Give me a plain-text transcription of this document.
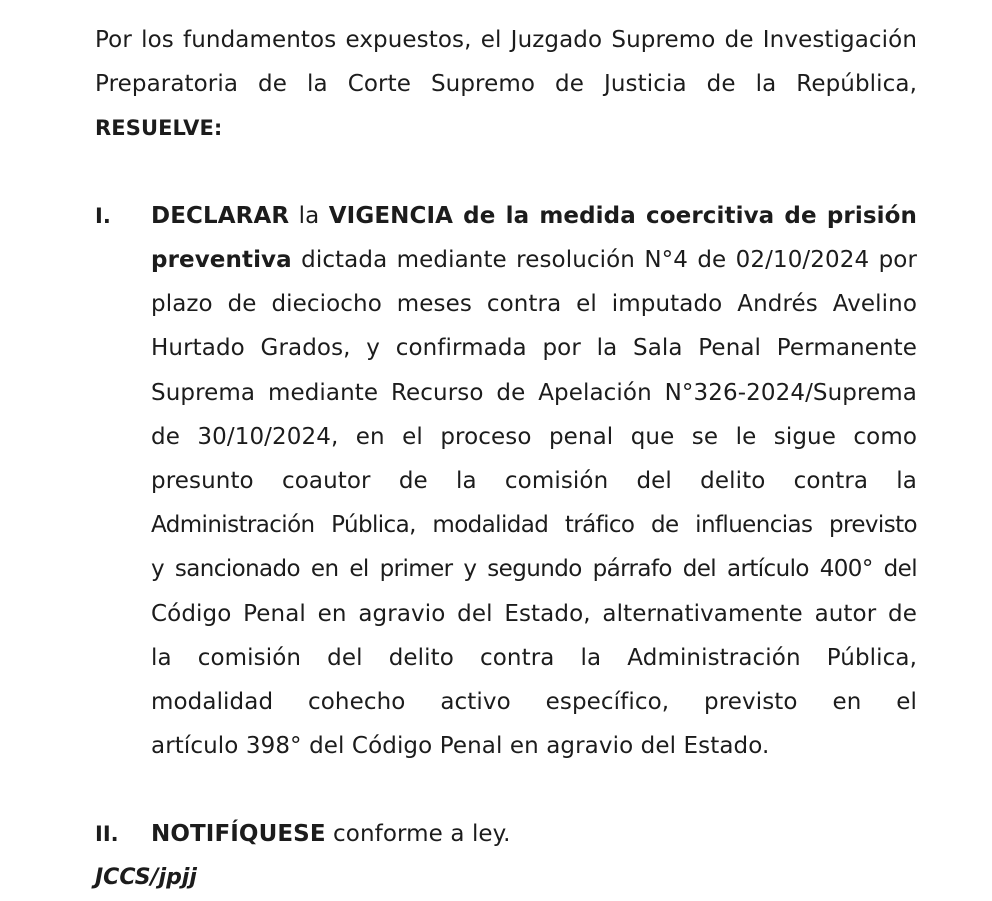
Por los fundamentos expuestos, el Juzgado Supremo de Investigación
Preparatoria de la Corte Supremo de Justicia de la República,
RESUELVE:
I. DECLARAR la VIGENCIA de la medida coercitiva de prisión
preventiva dictada mediante resolución N°4 de 02/10/2024 por
plazo de dieciocho meses contra el imputado Andrés Avelino
Hurtado Grados, y confirmada por la Sala Penal Permanente
Suprema mediante Recurso de Apelación N°326-2024/Suprema
de 30/10/2024, en el proceso penal que se le sigue como
presunto coautor de la comisión del delito contra la
Administración Pública, modalidad tráfico de influencias previsto
y sancionado en el primer y segundo párrafo del artículo 400° del
Código Penal en agravio del Estado, alternativamente autor de
la comisión del delito contra la Administración Pública,
modalidad cohecho activo específico, previsto en el
artículo 398° del Código Penal en agravio del Estado.
II. NOTIFÍQUESE conforme a ley.
JCCS/jpjj
